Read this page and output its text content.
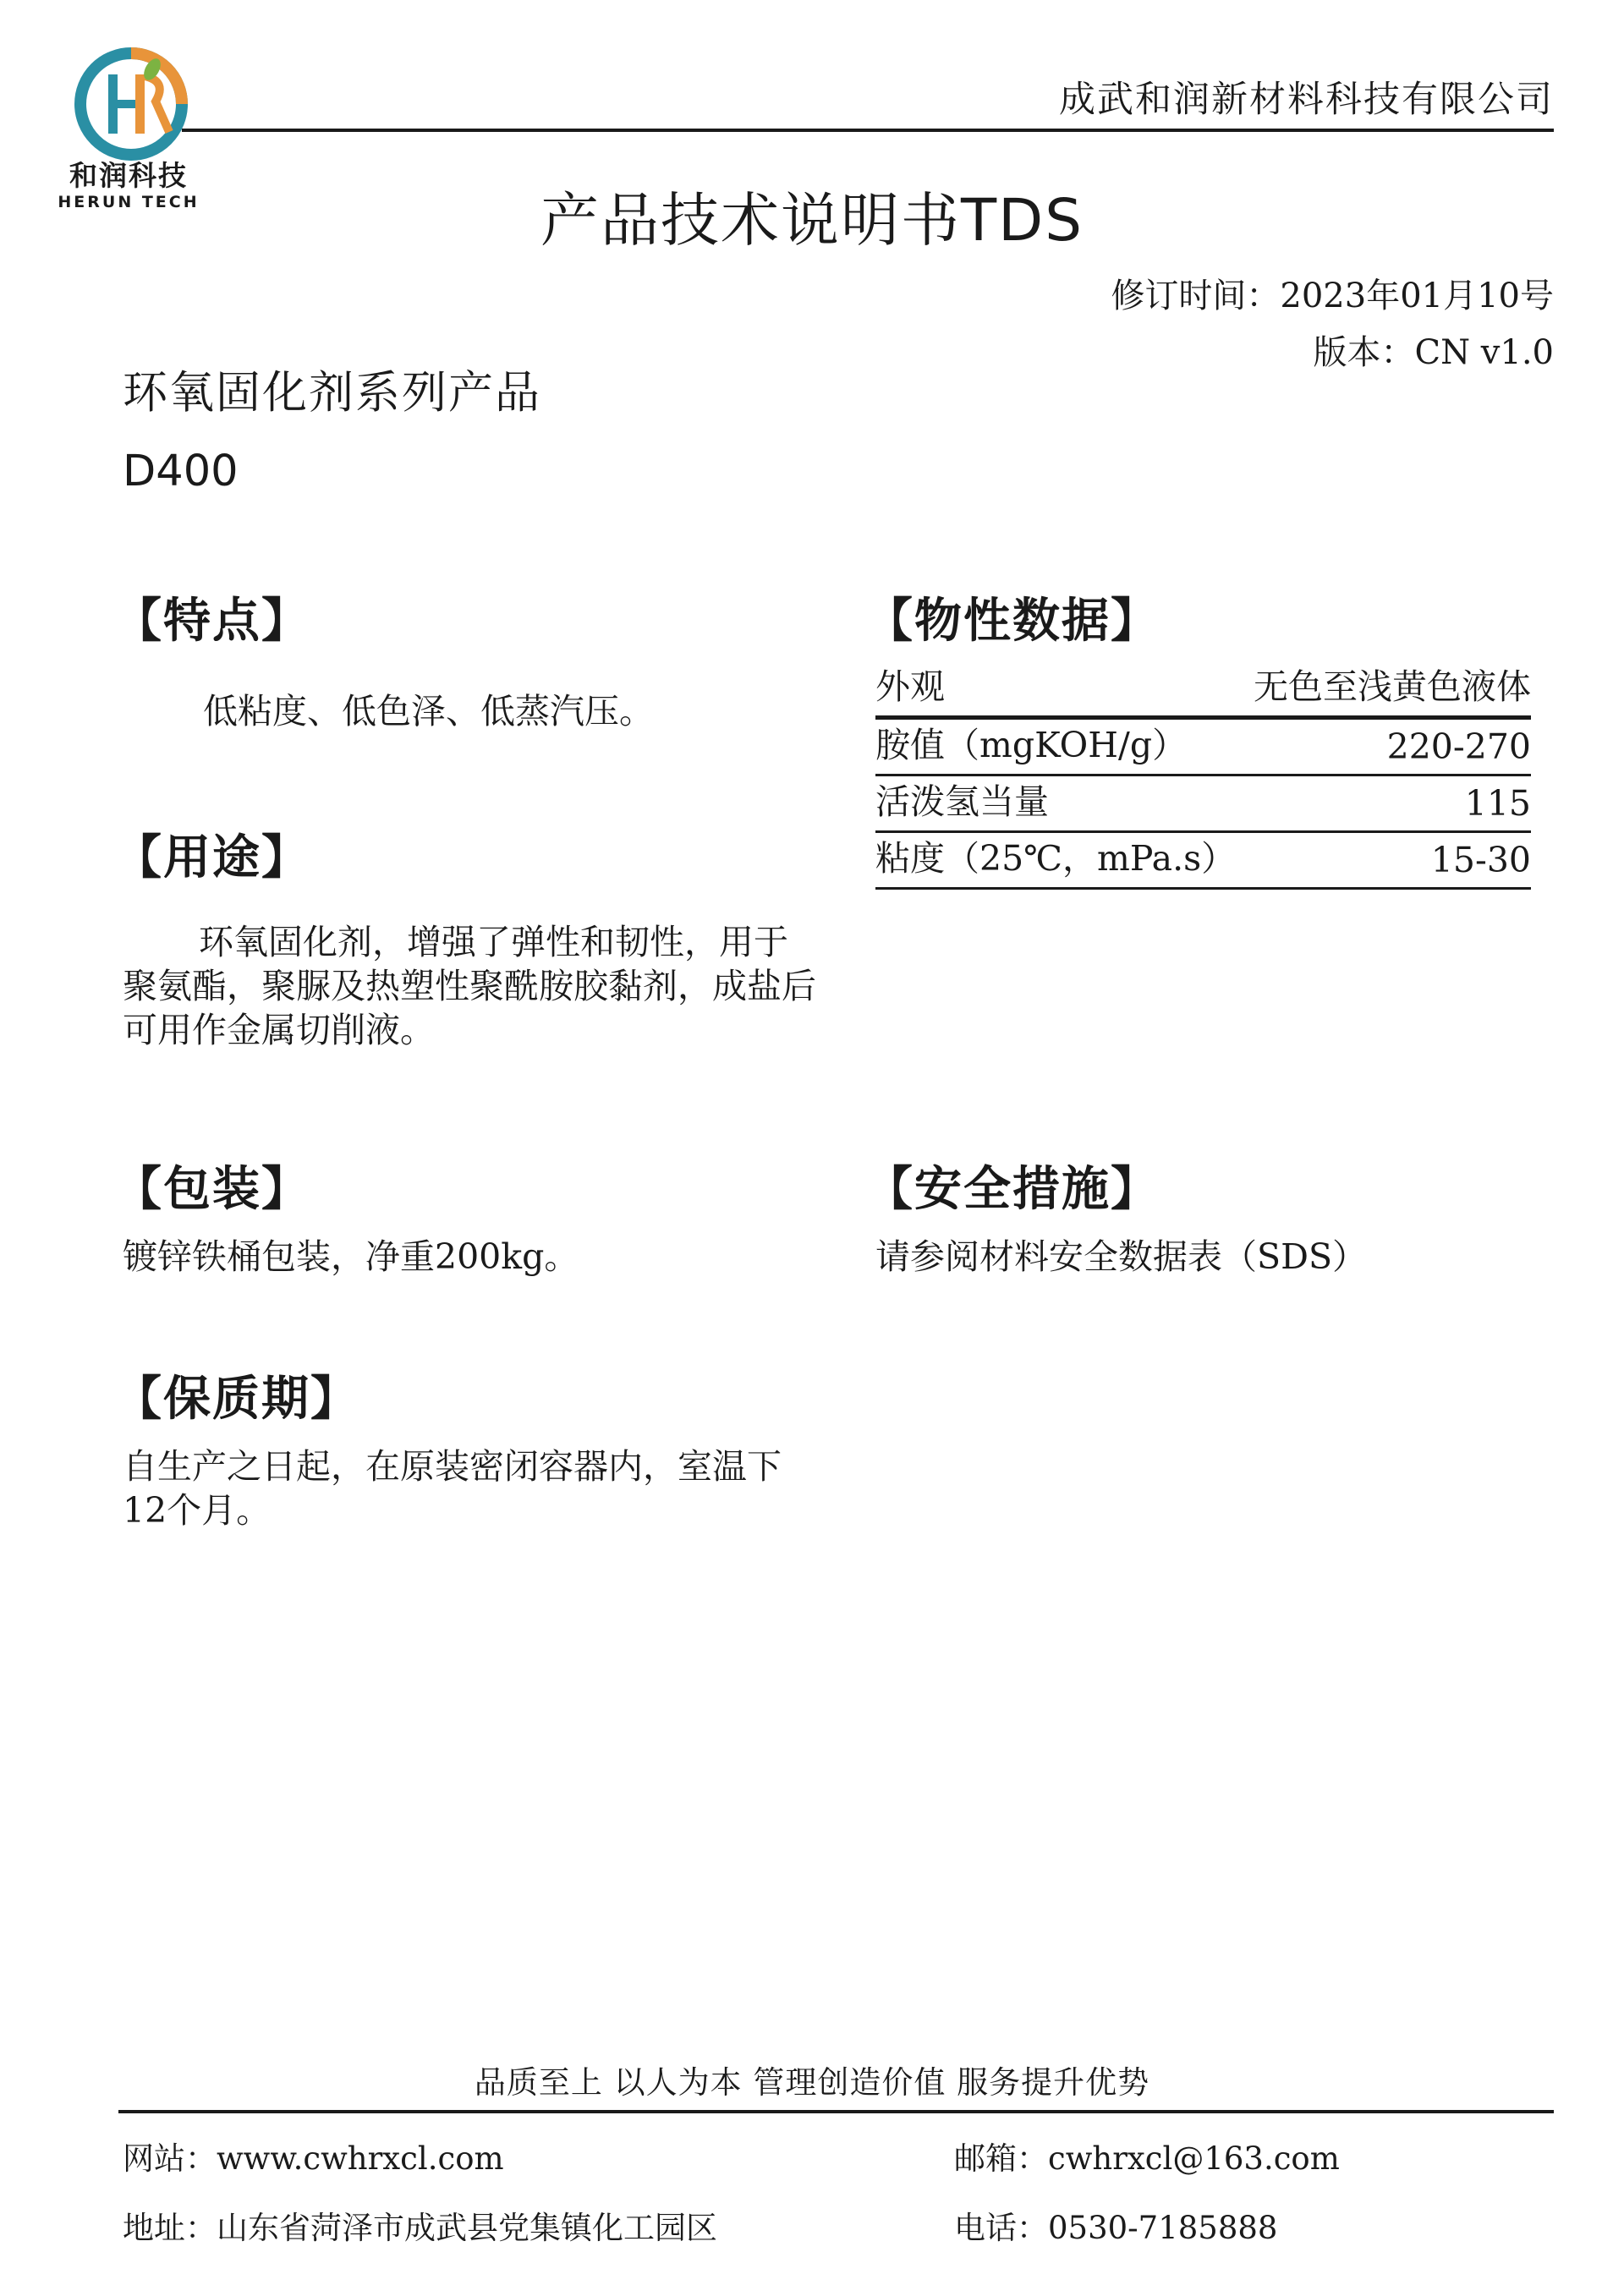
和润科技
HERUN TECH
成武和润新材料科技有限公司
产品技术说明书TDS
修订时间：2023年01月10号
版本：CN v1.0
环氧固化剂系列产品
D400
【特点】
低粘度、低色泽、低蒸汽压。
【用途】
环氧固化剂，增强了弹性和韧性，用于聚氨酯，聚脲及热塑性聚酰胺胶黏剂，成盐后可用作金属切削液。
【包装】
镀锌铁桶包装，净重200kg。
【保质期】
自生产之日起，在原装密闭容器内，室温下12个月。
【物性数据】
外观	无色至浅黄色液体
胺值（mgKOH/g）	220-270
活泼氢当量	115
粘度（25℃，mPa.s）	15-30
【安全措施】
请参阅材料安全数据表（SDS）
品质至上 以人为本 管理创造价值 服务提升优势
网站：www.cwhrxcl.com	邮箱：cwhrxcl@163.com
地址：山东省菏泽市成武县党集镇化工园区	电话：0530-7185888
